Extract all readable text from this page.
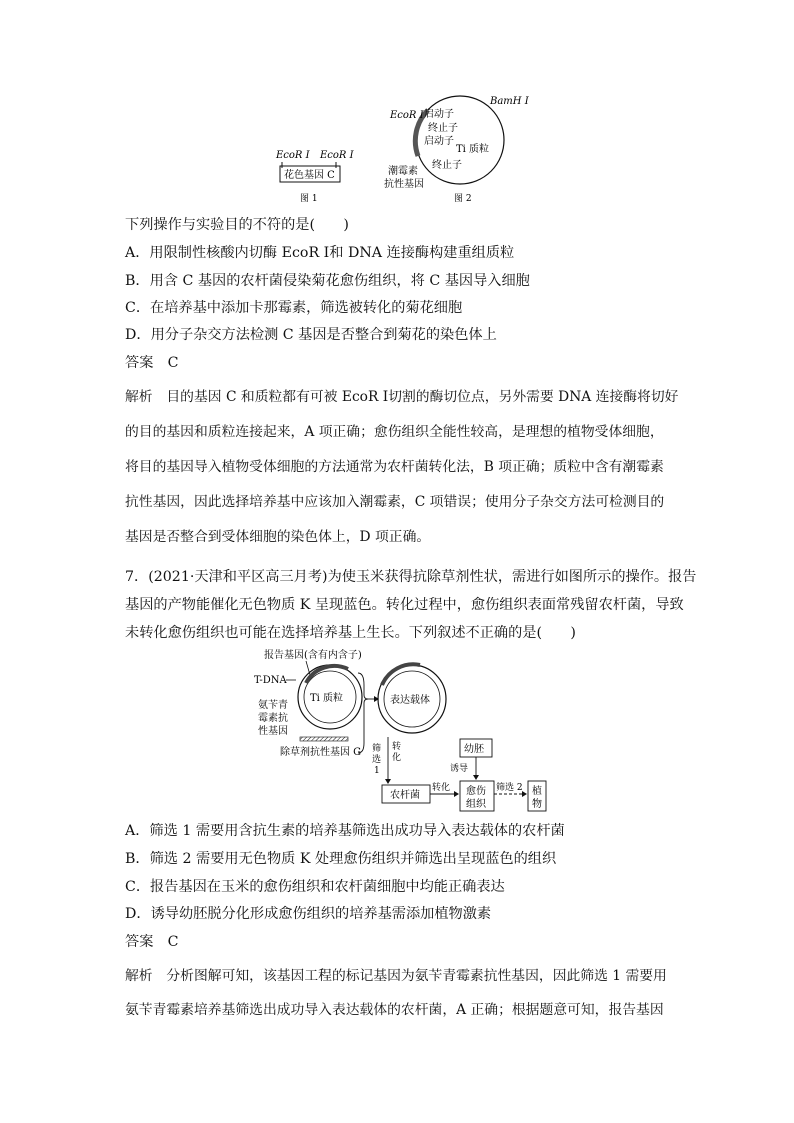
EcoR Ⅰ EcoR Ⅰ
花色基因 C
图 1
BamH Ⅰ
EcoR Ⅰ 启动子
终止子
启动子
Ti 质粒
终止子
潮霉素
抗性基因
图 2
下列操作与实验目的不符的是(　　)
A．用限制性核酸内切酶 EcoR Ⅰ和 DNA 连接酶构建重组质粒
B．用含 C 基因的农杆菌侵染菊花愈伤组织，将 C 基因导入细胞
C．在培养基中添加卡那霉素，筛选被转化的菊花细胞
D．用分子杂交方法检测 C 基因是否整合到菊花的染色体上
答案　C
解析　目的基因 C 和质粒都有可被 EcoR Ⅰ切割的酶切位点，另外需要 DNA 连接酶将切好
的目的基因和质粒连接起来，A 项正确；愈伤组织全能性较高，是理想的植物受体细胞，
将目的基因导入植物受体细胞的方法通常为农杆菌转化法，B 项正确；质粒中含有潮霉素
抗性基因，因此选择培养基中应该加入潮霉素，C 项错误；使用分子杂交方法可检测目的
基因是否整合到受体细胞的染色体上，D 项正确。
7．(2021·天津和平区高三月考)为使玉米获得抗除草剂性状，需进行如图所示的操作。报告
基因的产物能催化无色物质 K 呈现蓝色。转化过程中，愈伤组织表面常残留农杆菌，导致
未转化愈伤组织也可能在选择培养基上生长。下列叙述不正确的是(　　)
报告基因(含有内含子)
T-DNA
Ti 质粒
氨苄青
霉素抗
性基因
除草剂抗性基因 G
表达载体
筛
选
1
转
化
农杆菌
转化
幼胚
诱导
愈伤
组织
筛选 2 植
物
A．筛选 1 需要用含抗生素的培养基筛选出成功导入表达载体的农杆菌
B．筛选 2 需要用无色物质 K 处理愈伤组织并筛选出呈现蓝色的组织
C．报告基因在玉米的愈伤组织和农杆菌细胞中均能正确表达
D．诱导幼胚脱分化形成愈伤组织的培养基需添加植物激素
答案　C
解析　分析图解可知，该基因工程的标记基因为氨苄青霉素抗性基因，因此筛选 1 需要用
氨苄青霉素培养基筛选出成功导入表达载体的农杆菌，A 正确；根据题意可知，报告基因
